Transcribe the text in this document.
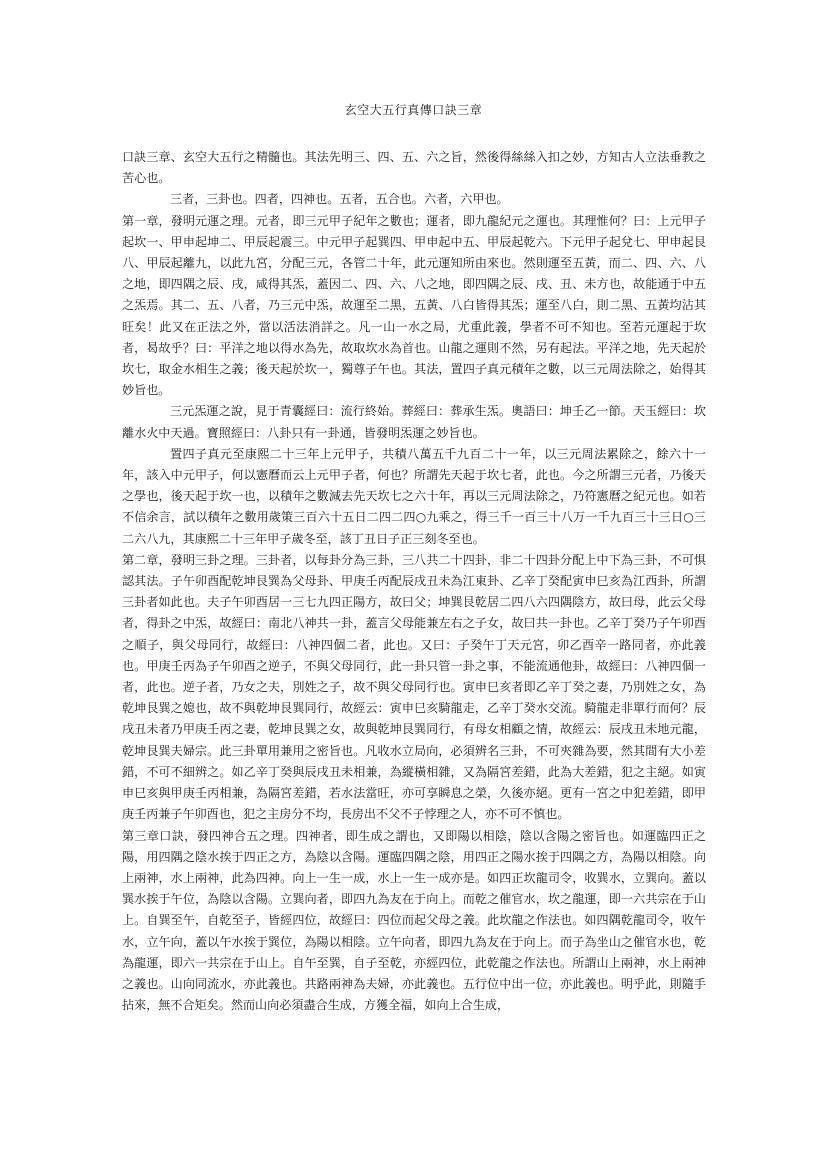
玄空大五行真傳口訣三章

口訣三章、玄空大五行之精髓也。其法先明三、四、五、六之旨，然後得絲絲入扣之妙，方知古人立法垂教之苦心也。

三者，三卦也。四者，四神也。五者，五合也。六者，六甲也。

第一章，發明元運之理。元者，即三元甲子紀年之數也；運者，即九龍紀元之運也。其理惟何？曰：上元甲子起坎一、甲申起坤二、甲辰起震三。中元甲子起巽四、甲申起中五、甲辰起乾六。下元甲子起兌七、甲申起艮八、甲辰起離九，以此九宮，分配三元，各管二十年，此元運知所由來也。然則運至五黃，而二、四、六、八之地，即四隅之辰、戌，咸得其炁，蓋因二、四、六、八之地，即四隅之辰、戌、丑、未方也，故能通于中五之炁焉。其二、五、八者，乃三元中炁，故運至二黑，五黃、八白皆得其炁；運至八白，則二黑、五黃均沾其旺矣！此又在正法之外，當以活法消詳之。凡一山一水之局，尤重此義，學者不可不知也。至若元運起于坎者，曷故乎？曰：平洋之地以得水為先，故取坎水為首也。山龍之運則不然，另有起法。平洋之地，先天起於坎七，取金水相生之義；後天起於坎一，獨尊子午也。其法，置四子真元積年之數，以三元周法除之，始得其妙旨也。

三元炁運之說，見于青囊經曰：流行終始。葬經曰：葬承生炁。奧語曰：坤壬乙一節。天玉經曰：坎離水火中天過。寶照經曰：八卦只有一卦通，皆發明炁運之妙旨也。

置四子真元至康熙二十三年上元甲子，共積八萬五千九百二十一年，以三元周法累除之，餘六十一年，該入中元甲子，何以憲曆而云上元甲子者，何也？所謂先天起于坎七者，此也。今之所謂三元者，乃後天之學也，後天起于坎一也，以積年之數減去先天坎七之六十年，再以三元周法除之，乃符憲曆之紀元也。如若不信余言，試以積年之數用歲策三百六十五日二四二四○九乘之，得三千一百三十八万一千九百三十三日○三二六八九，其康熙二十三年甲子歲冬至，該丁丑日子正三刻冬至也。

第二章，發明三卦之理。三卦者，以每卦分為三卦，三八共二十四卦，非二十四卦分配上中下為三卦，不可惧認其法。子午卯酉配乾坤艮巽為父母卦、甲庚壬丙配辰戌丑未為江東卦、乙辛丁癸配寅申巳亥為江西卦，所謂三卦者如此也。夫子午卯酉居一三七九四正陽方，故曰父；坤巽艮乾居二四八六四隅陰方，故曰母，此云父母者，得卦之中炁，故經曰：南北八神共一卦，蓋言父母能兼左右之子女，故曰共一卦也。乙辛丁癸乃子午卯酉之順子，與父母同行，故經曰：八神四個二者，此也。又曰：子癸午丁天元宮，卯乙酉辛一路同者，亦此義也。甲庚壬丙為子午卯酉之逆子，不與父母同行，此一卦只管一卦之事，不能流通他卦，故經曰：八神四個一者，此也。逆子者，乃女之夫，別姓之子，故不與父母同行也。寅申巳亥者即乙辛丁癸之妻，乃別姓之女，為乾坤艮巽之媳也，故不與乾坤艮巽同行，故經云：寅申巳亥騎龍走，乙辛丁癸水交流。騎龍走非單行而何？辰戌丑未者乃甲庚壬丙之妻，乾坤艮巽之女，故與乾坤艮巽同行，有母女相顧之情，故經云：辰戌丑未地元龍，乾坤艮巽夫婦宗。此三卦單用兼用之密旨也。凡收水立局向，必須辨名三卦，不可夾雜為要，然其間有大小差錯，不可不細辨之。如乙辛丁癸與辰戌丑未相兼，為縱橫相雜，又為隔宮差錯，此為大差錯，犯之主絕。如寅申巳亥與甲庚壬丙相兼，為隔宮差錯，若水法當旺，亦可享瞬息之榮，久後亦絕。更有一宮之中犯差錯，即甲庚壬丙兼子午卯酉也，犯之主房分不均，長房出不父不子悖理之人，亦不可不慎也。

第三章口訣，發四神合五之理。四神者，即生成之謂也，又即陽以相陰，陰以含陽之密旨也。如運臨四正之陽，用四隅之陰水挨于四正之方，為陰以含陽。運臨四隅之陰，用四正之陽水挨于四隅之方，為陽以相陰。向上兩神，水上兩神，此為四神。向上一生一成，水上一生一成亦是。如四正坎龍司令，收巽水，立巽向。蓋以巽水挨于午位，為陰以含陽。立巽向者，即四九為友在于向上。而乾之催官水，坎之龍運，即一六共宗在于山上。自巽至午，自乾至子，皆經四位，故經曰：四位而起父母之義。此坎龍之作法也。如四隅乾龍司令，收午水，立午向，蓋以午水挨于巽位，為陽以相陰。立午向者，即四九為友在于向上。而子為坐山之催官水也，乾為龍運，即六一共宗在于山上。自午至巽，自子至乾，亦經四位，此乾龍之作法也。所謂山上兩神，水上兩神之義也。山向同流水，亦此義也。共路兩神為夫婦，亦此義也。五行位中出一位，亦此義也。明乎此，則隨手拈來，無不合矩矣。然而山向必須盡合生成，方獲全福，如向上合生成，
